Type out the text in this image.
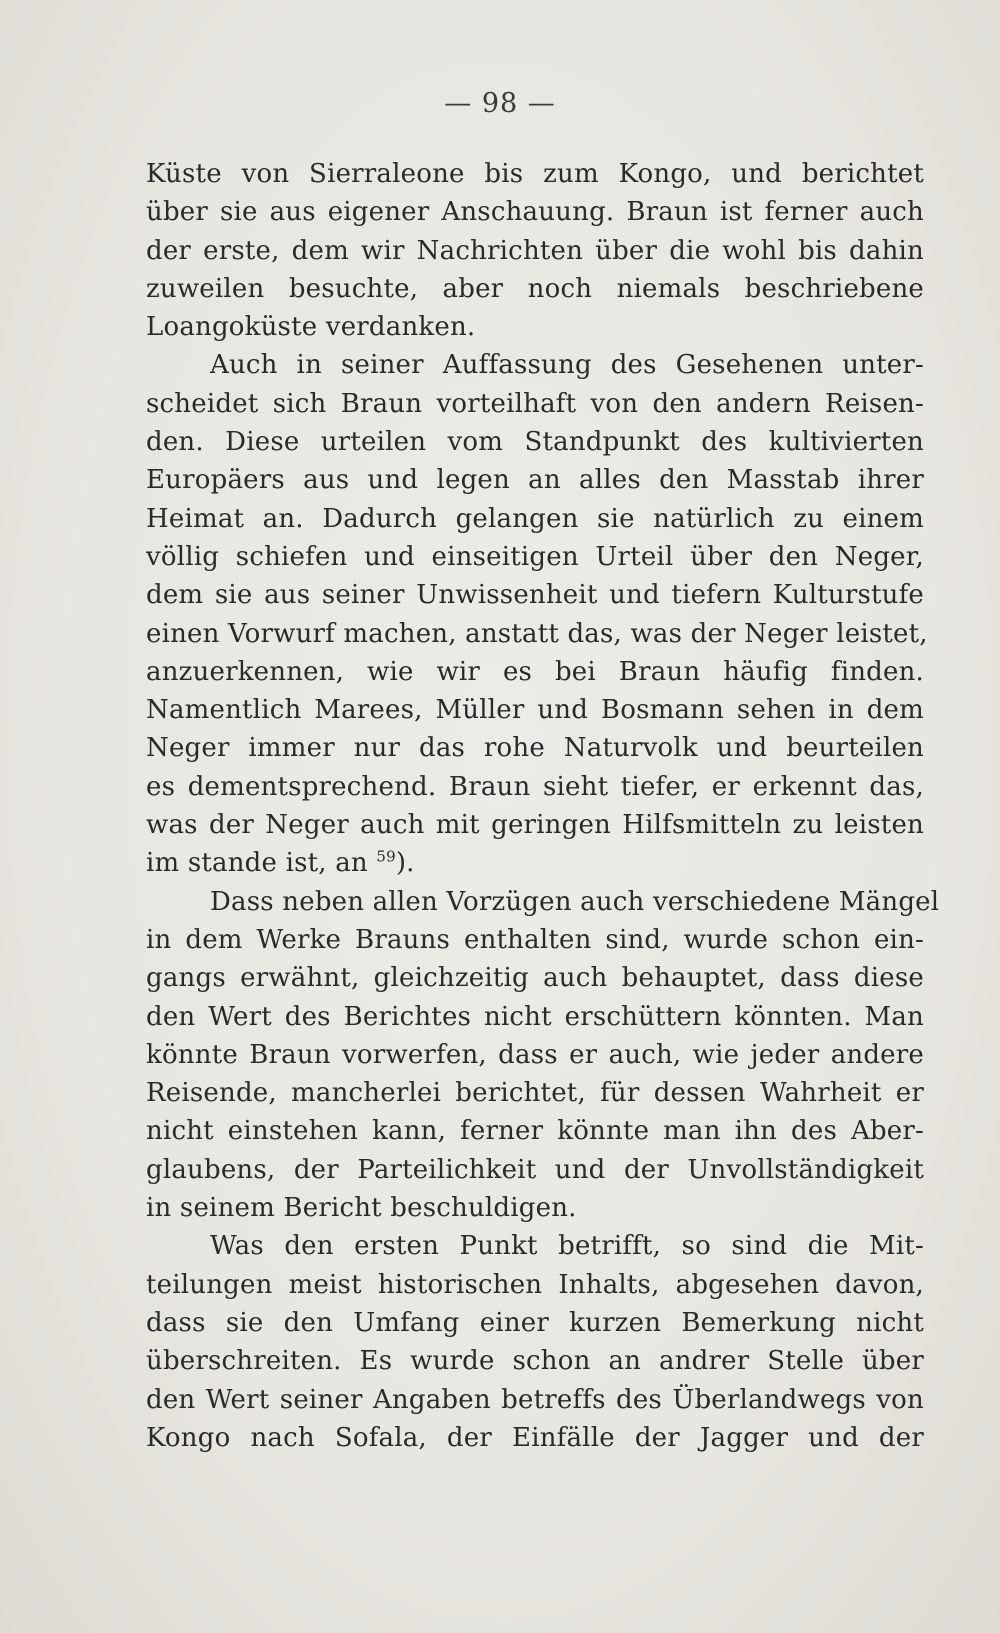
— 98 —
Küste von Sierraleone bis zum Kongo, und berichtet
über sie aus eigener Anschauung. Braun ist ferner auch
der erste, dem wir Nachrichten über die wohl bis dahin
zuweilen besuchte, aber noch niemals beschriebene
Loangoküste verdanken.
Auch in seiner Auffassung des Gesehenen unter-
scheidet sich Braun vorteilhaft von den andern Reisen-
den. Diese urteilen vom Standpunkt des kultivierten
Europäers aus und legen an alles den Masstab ihrer
Heimat an. Dadurch gelangen sie natürlich zu einem
völlig schiefen und einseitigen Urteil über den Neger,
dem sie aus seiner Unwissenheit und tiefern Kulturstufe
einen Vorwurf machen, anstatt das, was der Neger leistet,
anzuerkennen, wie wir es bei Braun häufig finden.
Namentlich Marees, Müller und Bosmann sehen in dem
Neger immer nur das rohe Naturvolk und beurteilen
es dementsprechend. Braun sieht tiefer, er erkennt das,
was der Neger auch mit geringen Hilfsmitteln zu leisten
im stande ist, an $^{59}$).
Dass neben allen Vorzügen auch verschiedene Mängel
in dem Werke Brauns enthalten sind, wurde schon ein-
gangs erwähnt, gleichzeitig auch behauptet, dass diese
den Wert des Berichtes nicht erschüttern könnten. Man
könnte Braun vorwerfen, dass er auch, wie jeder andere
Reisende, mancherlei berichtet, für dessen Wahrheit er
nicht einstehen kann, ferner könnte man ihn des Aber-
glaubens, der Parteilichkeit und der Unvollständigkeit
in seinem Bericht beschuldigen.
Was den ersten Punkt betrifft, so sind die Mit-
teilungen meist historischen Inhalts, abgesehen davon,
dass sie den Umfang einer kurzen Bemerkung nicht
überschreiten. Es wurde schon an andrer Stelle über
den Wert seiner Angaben betreffs des Überlandwegs von
Kongo nach Sofala, der Einfälle der Jagger und der
